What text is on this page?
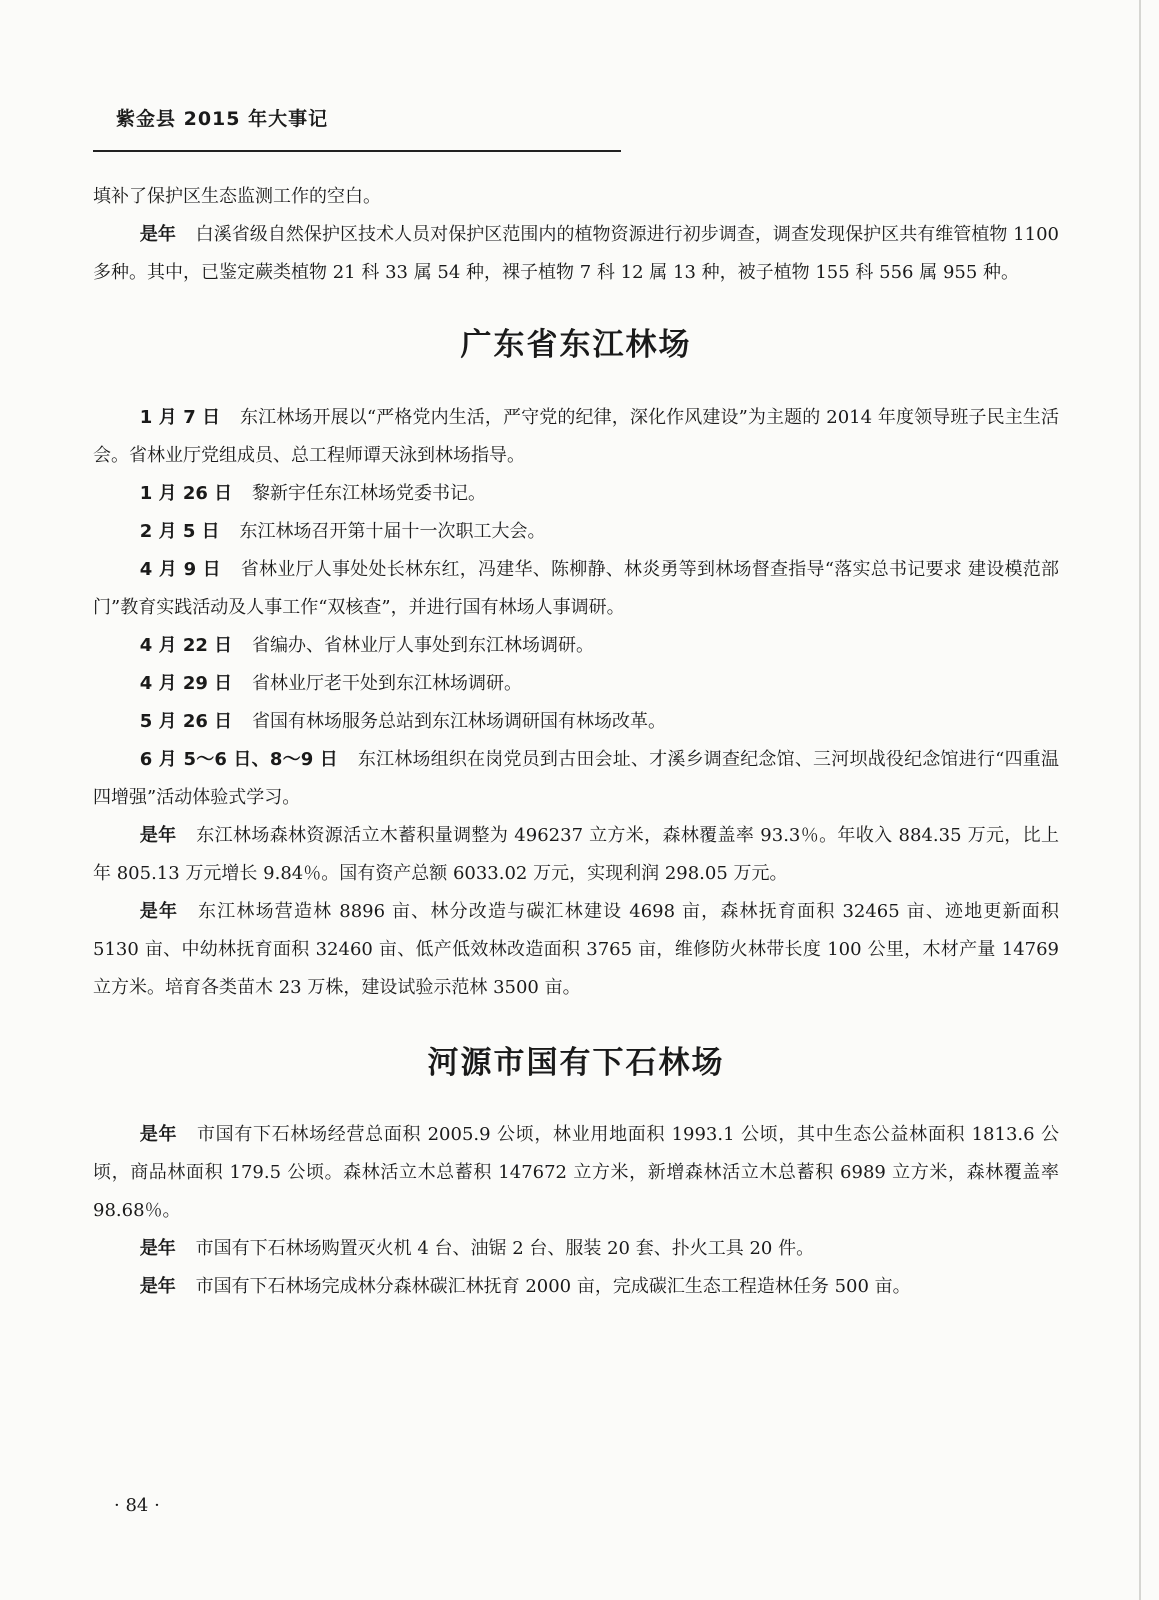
紫金县 2015 年大事记

填补了保护区生态监测工作的空白。

是年 白溪省级自然保护区技术人员对保护区范围内的植物资源进行初步调查，调查发现保护区共有维管植物 1100 多种。其中，已鉴定蕨类植物 21 科 33 属 54 种，裸子植物 7 科 12 属 13 种，被子植物 155 科 556 属 955 种。

广东省东江林场

1 月 7 日 东江林场开展以“严格党内生活，严守党的纪律，深化作风建设”为主题的 2014 年度领导班子民主生活会。省林业厅党组成员、总工程师谭天泳到林场指导。

1 月 26 日 黎新宇任东江林场党委书记。

2 月 5 日 东江林场召开第十届十一次职工大会。

4 月 9 日 省林业厅人事处处长林东红，冯建华、陈柳静、林炎勇等到林场督查指导“落实总书记要求 建设模范部门”教育实践活动及人事工作“双核查”，并进行国有林场人事调研。

4 月 22 日 省编办、省林业厅人事处到东江林场调研。

4 月 29 日 省林业厅老干处到东江林场调研。

5 月 26 日 省国有林场服务总站到东江林场调研国有林场改革。

6 月 5～6 日、8～9 日 东江林场组织在岗党员到古田会址、才溪乡调查纪念馆、三河坝战役纪念馆进行“四重温四增强”活动体验式学习。

是年 东江林场森林资源活立木蓄积量调整为 496237 立方米，森林覆盖率 93.3％。年收入 884.35 万元，比上年 805.13 万元增长 9.84％。国有资产总额 6033.02 万元，实现利润 298.05 万元。

是年 东江林场营造林 8896 亩、林分改造与碳汇林建设 4698 亩，森林抚育面积 32465 亩、迹地更新面积 5130 亩、中幼林抚育面积 32460 亩、低产低效林改造面积 3765 亩，维修防火林带长度 100 公里，木材产量 14769 立方米。培育各类苗木 23 万株，建设试验示范林 3500 亩。

河源市国有下石林场

是年 市国有下石林场经营总面积 2005.9 公顷，林业用地面积 1993.1 公顷，其中生态公益林面积 1813.6 公顷，商品林面积 179.5 公顷。森林活立木总蓄积 147672 立方米，新增森林活立木总蓄积 6989 立方米，森林覆盖率 98.68％。

是年 市国有下石林场购置灭火机 4 台、油锯 2 台、服装 20 套、扑火工具 20 件。

是年 市国有下石林场完成林分森林碳汇林抚育 2000 亩，完成碳汇生态工程造林任务 500 亩。

· 84 ·
